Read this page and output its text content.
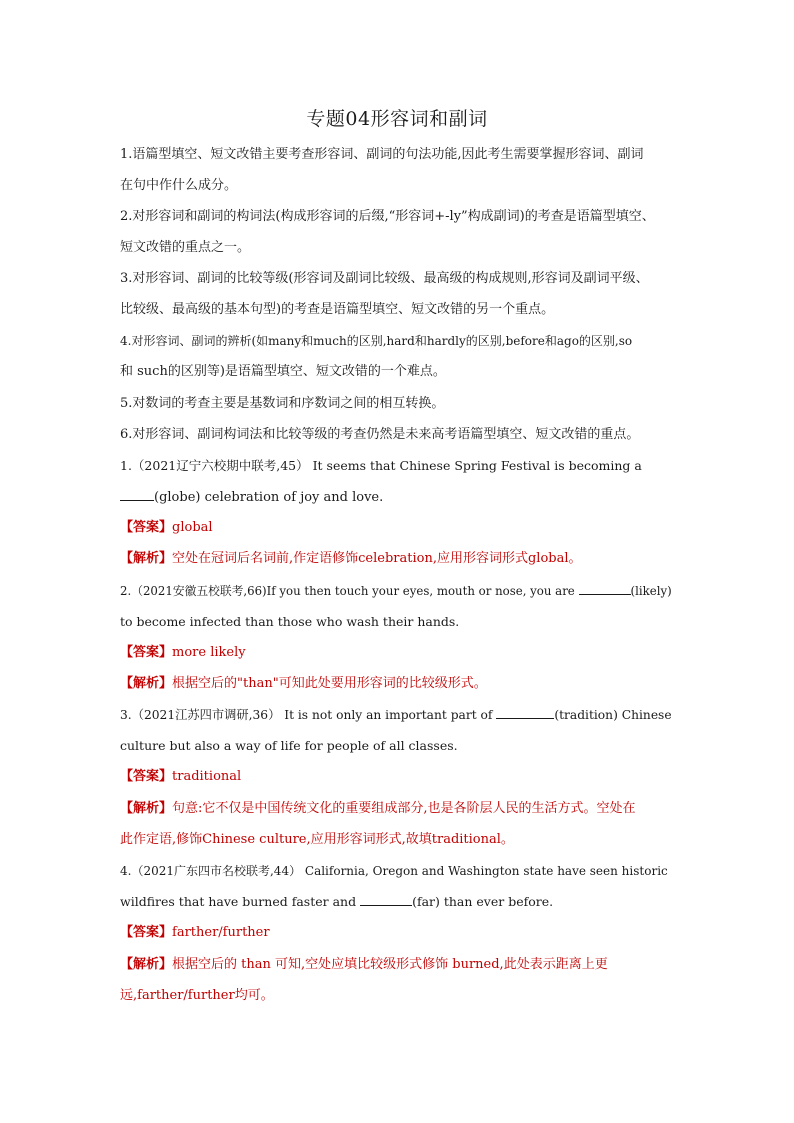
专题04形容词和副词
1.语篇型填空、短文改错主要考查形容词、副词的句法功能,因此考生需要掌握形容词、副词
在句中作什么成分。
2.对形容词和副词的构词法(构成形容词的后缀,“形容词+-ly”构成副词)的考查是语篇型填空、
短文改错的重点之一。
3.对形容词、副词的比较等级(形容词及副词比较级、最高级的构成规则,形容词及副词平级、
比较级、最高级的基本句型)的考查是语篇型填空、短文改错的另一个重点。
4.对形容词、副词的辨析(如many和much的区别,hard和hardly的区别,before和ago的区别,so
和 such的区别等)是语篇型填空、短文改错的一个难点。
5.对数词的考查主要是基数词和序数词之间的相互转换。
6.对形容词、副词构词法和比较等级的考查仍然是未来高考语篇型填空、短文改错的重点。
1.（2021辽宁六校期中联考,45） It seems that Chinese Spring Festival is becoming a
(globe) celebration of joy and love.
【答案】global
【解析】空处在冠词后名词前,作定语修饰celebration,应用形容词形式global。
2.（2021安徽五校联考,66)If you then touch your eyes, mouth or nose, you are	(likely)
to become infected than those who wash their hands.
【答案】more likely
【解析】根据空后的"than"可知此处要用形容词的比较级形式。
3.（2021江苏四市调研,36） It is not only an important part of	(tradition) Chinese
culture but also a way of life for people of all classes.
【答案】traditional
【解析】句意:它不仅是中国传统文化的重要组成部分,也是各阶层人民的生活方式。空处在
此作定语,修饰Chinese culture,应用形容词形式,故填traditional。
4.（2021广东四市名校联考,44） California, Oregon and Washington state have seen historic
wildfires that have burned faster and	(far) than ever before.
【答案】farther/further
【解析】根据空后的 than 可知,空处应填比较级形式修饰 burned,此处表示距离上更
远,farther/further均可。
